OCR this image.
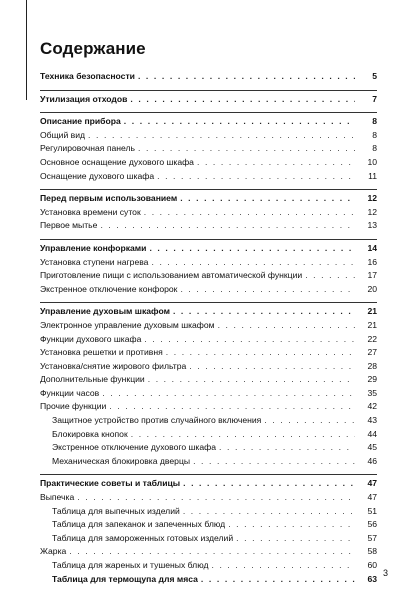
Содержание
Техника безопасности . . .	5
Утилизация отходов . . .	7
Описание прибора . . .	8
Общий вид . . .	8
Регулировочная панель . . .	8
Основное оснащение духового шкафа . . .	10
Оснащение духового шкафа . . .	11
Перед первым использованием . . .	12
Установка времени суток . . .	12
Первое мытье . . .	13
Управление конфорками . . .	14
Установка ступени нагрева . . .	16
Приготовление пищи с использованием автоматической функции . . .	17
Экстренное отключение конфорок . . .	20
Управление духовым шкафом . . .	21
Электронное управление духовым шкафом . . .	21
Функции духового шкафа . . .	22
Установка решетки и противня . . .	27
Установка/снятие жирового фильтра . . .	28
Дополнительные функции . . .	29
Функции часов . . .	35
Прочие функции . . .	42
Защитное устройство против случайного включения . . .	43
Блокировка кнопок . . .	44
Экстренное отключение духового шкафа . . .	45
Механическая блокировка дверцы . . .	46
Практические советы и таблицы . . .	47
Выпечка . . .	47
Таблица для выпечных изделий . . .	51
Таблица для запеканок и запеченных блюд . . .	56
Таблица для замороженных готовых изделий . . .	57
Жарка . . .	58
Таблица для жареных и тушеных блюд . . .	60
Таблица для термощупа для мяса . . .	63
3
